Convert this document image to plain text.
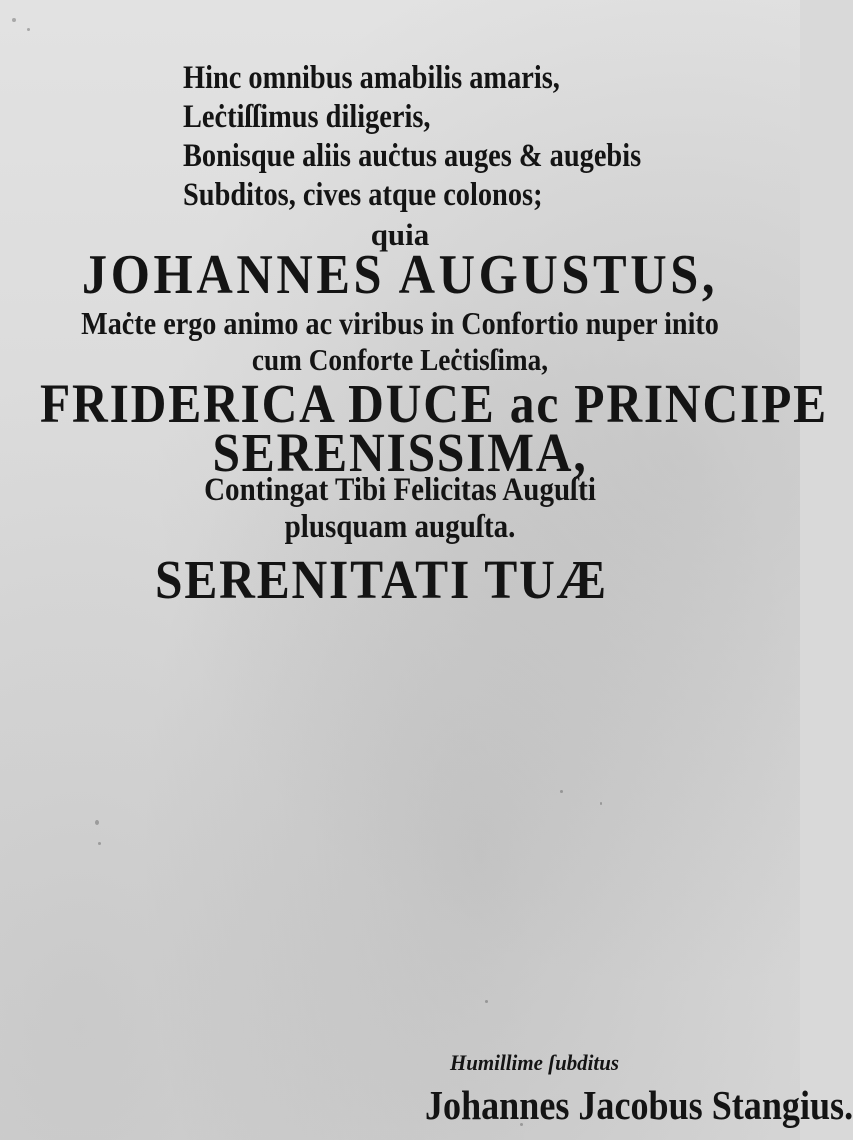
Hinc omnibus amabilis amaris,
Leċtiſſimus diligeris,
Bonisque aliis auċtus auges & augebis
Subditos, cives atque colonos;
quia
JOHANNES AUGUSTUS,
Maċte ergo animo ac viribus in Confortio nuper inito
cum Conforte Leċtisſima,
FRIDERICA DUCE ac PRINCIPE
SERENISSIMA,
Contingat Tibi Felicitas Auguſti
plusquam auguſta.
SERENITATI TUÆ
Humillime ſubditus
Johannes Jacobus Stangius.
